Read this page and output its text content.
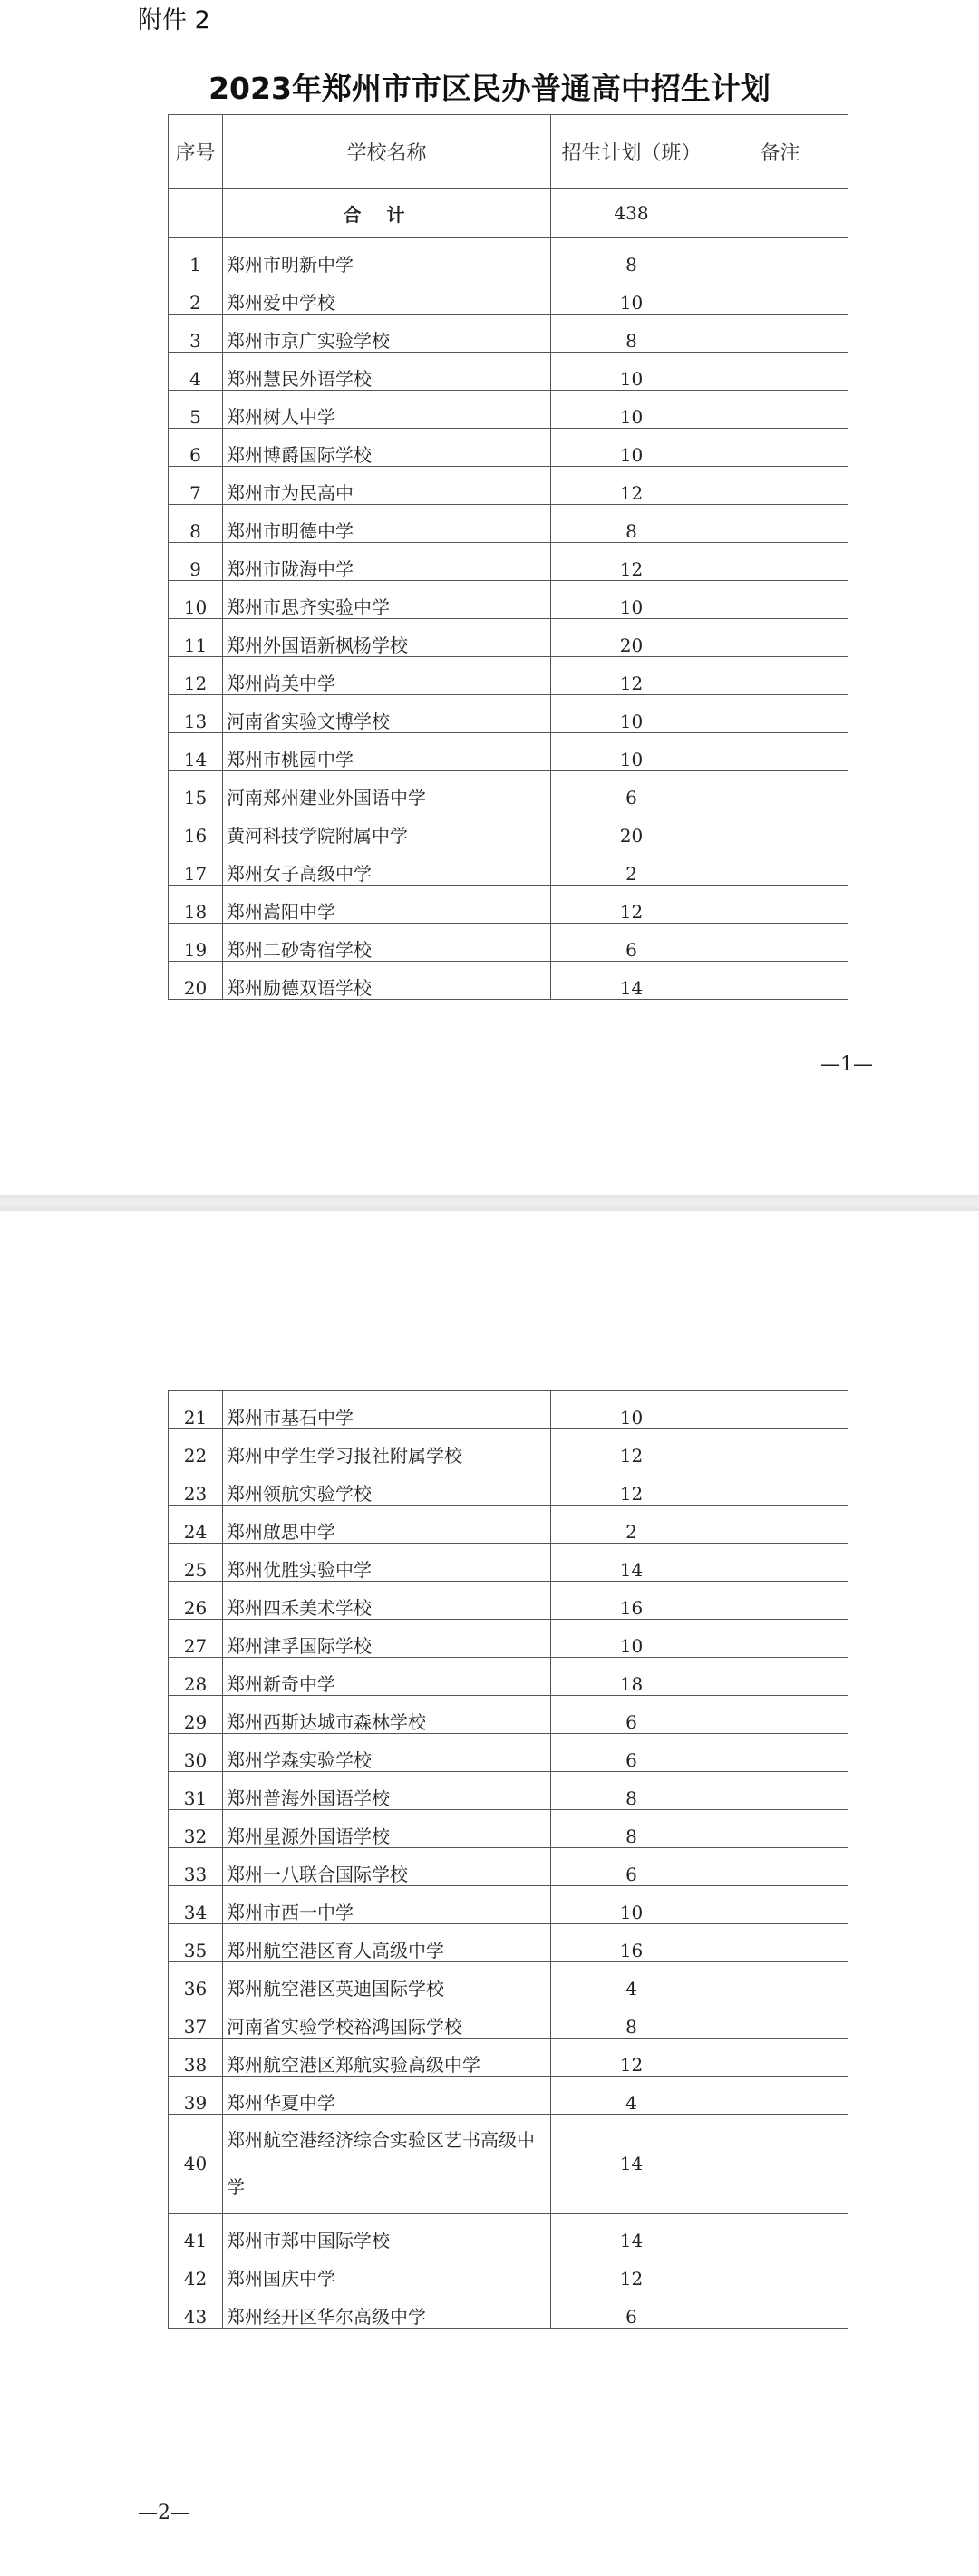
附件 2
2023年郑州市市区民办普通高中招生计划
序号	学校名称	招生计划（班）	备注
	合计	438	
1	郑州市明新中学	8	
2	郑州爱中学校	10	
3	郑州市京广实验学校	8	
4	郑州慧民外语学校	10	
5	郑州树人中学	10	
6	郑州博爵国际学校	10	
7	郑州市为民高中	12	
8	郑州市明德中学	8	
9	郑州市陇海中学	12	
10	郑州市思齐实验中学	10	
11	郑州外国语新枫杨学校	20	
12	郑州尚美中学	12	
13	河南省实验文博学校	10	
14	郑州市桃园中学	10	
15	河南郑州建业外国语中学	6	
16	黄河科技学院附属中学	20	
17	郑州女子高级中学	2	
18	郑州嵩阳中学	12	
19	郑州二砂寄宿学校	6	
20	郑州励德双语学校	14	
—1—
21	郑州市基石中学	10	
22	郑州中学生学习报社附属学校	12	
23	郑州领航实验学校	12	
24	郑州啟思中学	2	
25	郑州优胜实验中学	14	
26	郑州四禾美术学校	16	
27	郑州津孚国际学校	10	
28	郑州新奇中学	18	
29	郑州西斯达城市森林学校	6	
30	郑州学森实验学校	6	
31	郑州普海外国语学校	8	
32	郑州星源外国语学校	8	
33	郑州一八联合国际学校	6	
34	郑州市西一中学	10	
35	郑州航空港区育人高级中学	16	
36	郑州航空港区英迪国际学校	4	
37	河南省实验学校裕鸿国际学校	8	
38	郑州航空港区郑航实验高级中学	12	
39	郑州华夏中学	4	
40	郑州航空港经济综合实验区艺书高级中学	14	
41	郑州市郑中国际学校	14	
42	郑州国庆中学	12	
43	郑州经开区华尔高级中学	6	
—2—
